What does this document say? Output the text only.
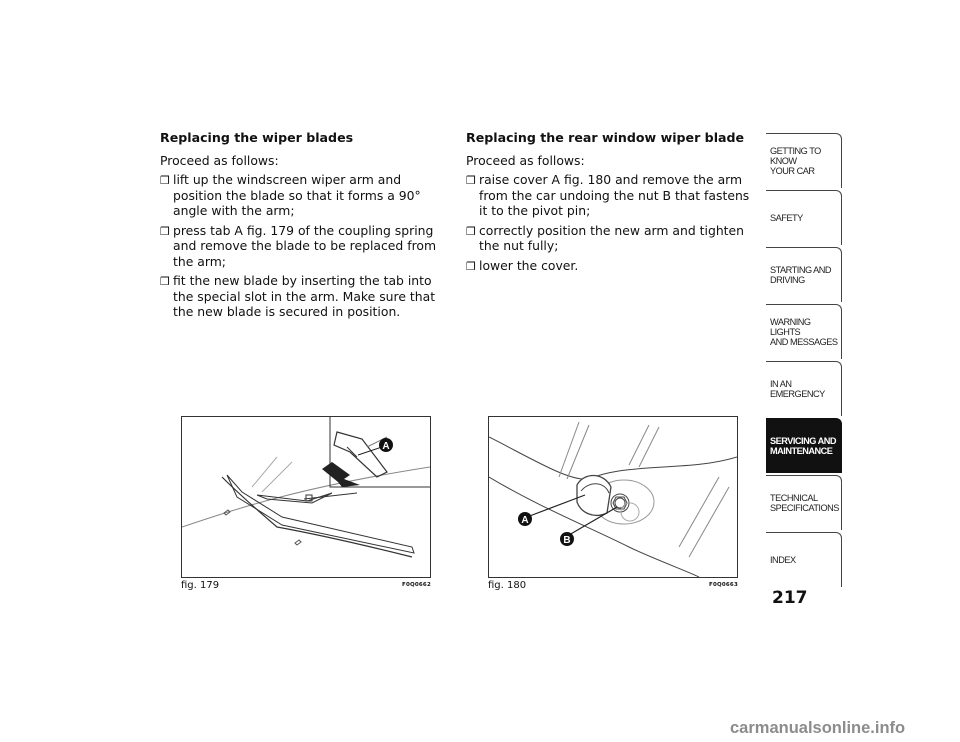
Replacing the wiper blades

Proceed as follows:

❒ lift up the windscreen wiper arm and position the blade so that it forms a 90° angle with the arm;
❒ press tab A fig. 179 of the coupling spring and remove the blade to be replaced from the arm;
❒ fit the new blade by inserting the tab into the special slot in the arm. Make sure that the new blade is secured in position.

Replacing the rear window wiper blade

Proceed as follows:

❒ raise cover A fig. 180 and remove the arm from the car undoing the nut B that fastens it to the pivot pin;
❒ correctly position the new arm and tighten the nut fully;
❒ lower the cover.
A
fig. 179	F0Q0662
A
B
fig. 180	F0Q0663
GETTING TO KNOW
YOUR CAR
SAFETY
STARTING AND
DRIVING
WARNING LIGHTS
AND MESSAGES
IN AN EMERGENCY
SERVICING AND
MAINTENANCE
TECHNICAL
SPECIFICATIONS
INDEX
217
carmanualsonline.info
